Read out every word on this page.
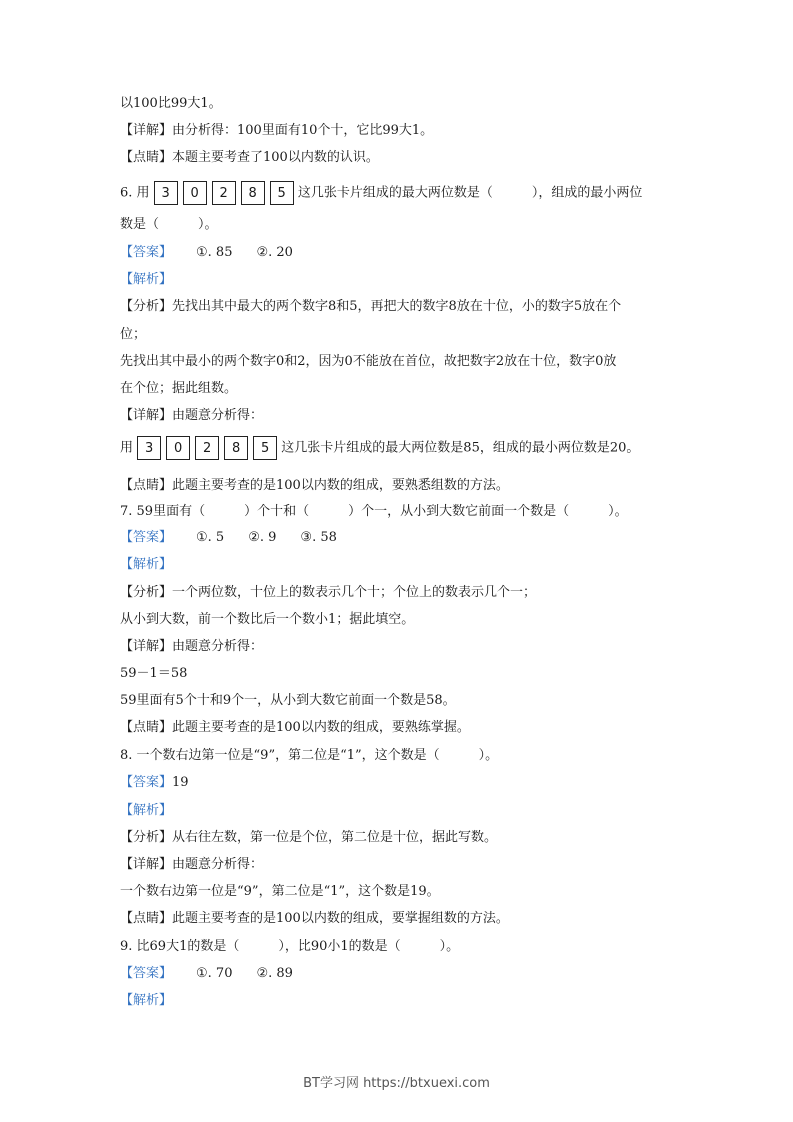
以100比99大1。
【详解】由分析得：100里面有10个十，它比99大1。
【点睛】本题主要考查了100以内数的认识。
6. 用 3 0 2 8 5 这几张卡片组成的最大两位数是（　　　），组成的最小两位
数是（　　　）。
【答案】 ①. 85 ②. 20
【解析】
【分析】先找出其中最大的两个数字8和5，再把大的数字8放在十位，小的数字5放在个
位；
先找出其中最小的两个数字0和2，因为0不能放在首位，故把数字2放在十位，数字0放
在个位；据此组数。
【详解】由题意分析得：
用 3 0 2 8 5 这几张卡片组成的最大两位数是85，组成的最小两位数是20。
【点睛】此题主要考查的是100以内数的组成，要熟悉组数的方法。
7. 59里面有（　　　）个十和（　　　）个一，从小到大数它前面一个数是（　　　）。
【答案】 ①. 5 ②. 9 ③. 58
【解析】
【分析】一个两位数，十位上的数表示几个十；个位上的数表示几个一；
从小到大数，前一个数比后一个数小1；据此填空。
【详解】由题意分析得：
59－1＝58
59里面有5个十和9个一，从小到大数它前面一个数是58。
【点睛】此题主要考查的是100以内数的组成，要熟练掌握。
8. 一个数右边第一位是“9”，第二位是“1”，这个数是（　　　）。
【答案】19
【解析】
【分析】从右往左数，第一位是个位，第二位是十位，据此写数。
【详解】由题意分析得：
一个数右边第一位是“9”，第二位是“1”，这个数是19。
【点睛】此题主要考查的是100以内数的组成，要掌握组数的方法。
9. 比69大1的数是（　　　），比90小1的数是（　　　）。
【答案】 ①. 70 ②. 89
【解析】
BT学习网 https://btxuexi.com
